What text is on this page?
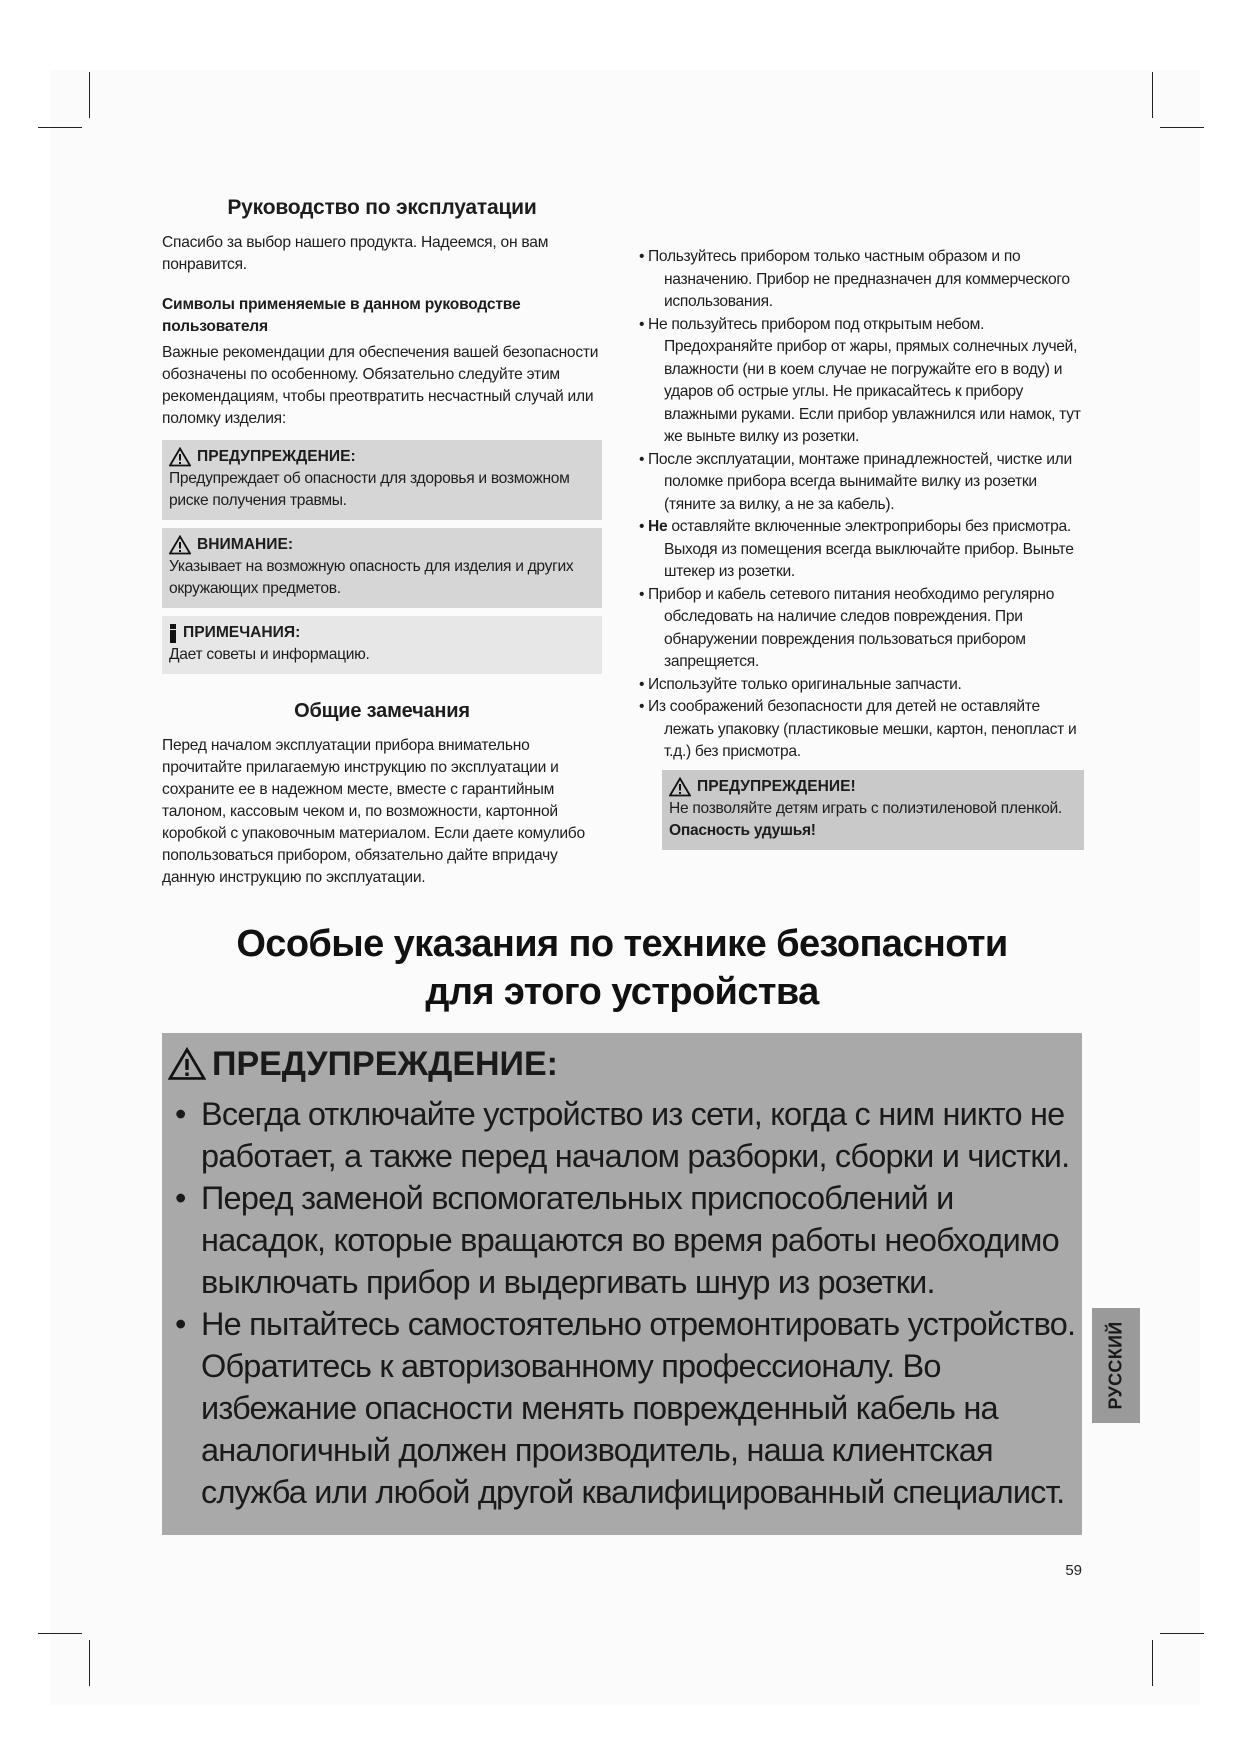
Руководство по эксплуатации

Спасибо за выбор нашего продукта. Надеемся, он вам понравится.

Символы применяемые в данном руководстве пользователя

Важные рекомендации для обеспечения вашей безопасности обозначены по особенному. Обязательно следуйте этим рекомендациям, чтобы преотвратить несчастный случай или поломку изделия:

ПРЕДУПРЕЖДЕНИЕ:
Предупреждает об опасности для здоровья и возможном риске получения травмы.
ВНИМАНИЕ:
Указывает на возможную опасность для изделия и других окружающих предметов.
ПРИМЕЧАНИЯ:
Дает советы и информацию.
Общие замечания

Перед началом эксплуатации прибора внимательно прочитайте прилагаемую инструкцию по эксплуатации и сохраните ее в надежном месте, вместе с гарантийным талоном, кассовым чеком и, по возможности, картонной коробкой с упаковочным материалом. Если даете комулибо попользоваться прибором, обязательно дайте впридачу данную инструкцию по эксплуатации.

• Пользуйтесь прибором только частным образом и по назначению. Прибор не предназначен для коммерческого использования.
• Не пользуйтесь прибором под открытым небом. Предохраняйте прибор от жары, прямых солнечных лучей, влажности (ни в коем случае не погружайте его в воду) и ударов об острые углы. Не прикасайтесь к прибору влажными руками. Если прибор увлажнился или намок, тут же выньте вилку из розетки.
• После эксплуатации, монтаже принадлежностей, чистке или поломке прибора всегда вынимайте вилку из розетки (тяните за вилку, а не за кабель).
• Не оставляйте включенные электроприборы без присмотра. Выходя из помещения всегда выключайте прибор. Выньте штекер из розетки.
• Прибор и кабель сетевого питания необходимо регулярно обследовать на наличие следов повреждения. При обнаружении повреждения пользоваться прибором запрещяется.
• Используйте только оригинальные запчасти.
• Из соображений безопасности для детей не оставляйте лежать упаковку (пластиковые мешки, картон, пенопласт и т.д.) без присмотра.
ПРЕДУПРЕЖДЕНИЕ!
Не позволяйте детям играть с полиэтиленовой пленкой. Опасность удушья!
Особые указания по технике безопасноти
для этого устройства
ПРЕДУПРЕЖДЕНИЕ:
• Всегда отключайте устройство из сети, когда с ним никто не работает, а также перед началом разборки, сборки и чистки.
• Перед заменой вспомогательных приспособлений и насадок, которые вращаются во время работы необходимо выключать прибор и выдергивать шнур из розетки.
• Не пытайтесь самостоятельно отремонтировать устройство. Обратитесь к авторизованному профессионалу. Во избежание опасности менять поврежденный кабель на аналогичный должен производитель, наша клиентская служба или любой другой квалифицированный специалист.
РУССКИЙ
59
